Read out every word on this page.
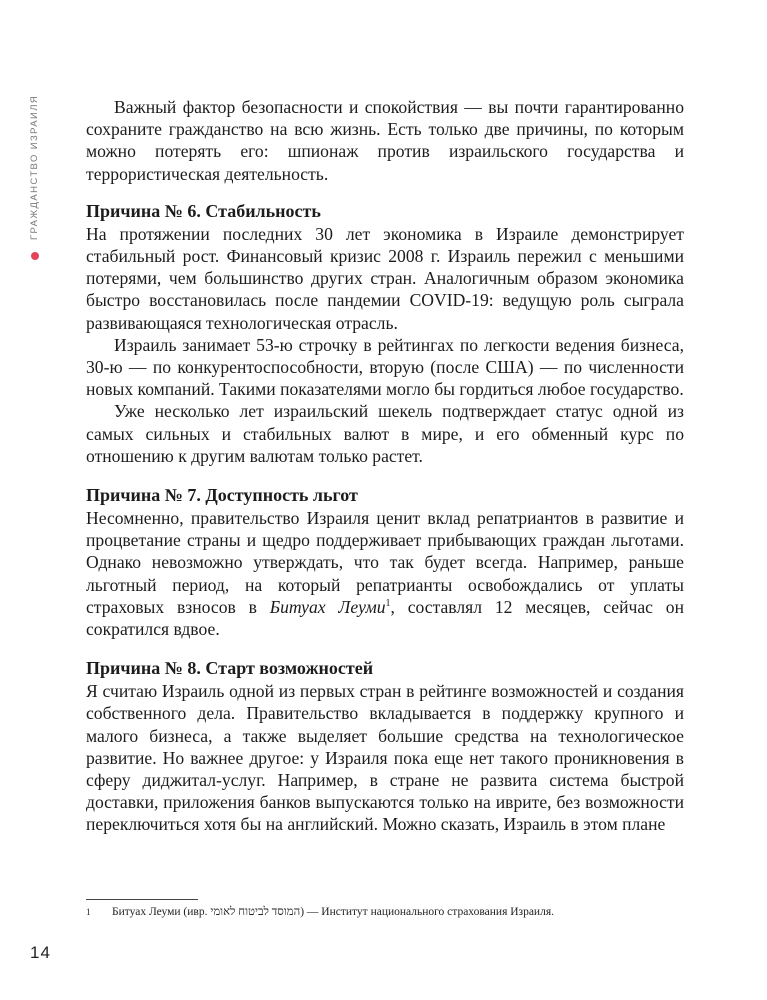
ГРАЖДАНСТВО ИЗРАИЛЯ	Важный фактор безопасности и спокойствия — вы почти гарантированно сохраните гражданство на всю жизнь. Есть только две причины, по которым можно потерять его: шпионаж против израильского государства и террористическая деятельность.

Причина № 6. Стабильность

На протяжении последних 30 лет экономика в Израиле демонстрирует стабильный рост. Финансовый кризис 2008 г. Израиль пережил с меньшими потерями, чем большинство других стран. Аналогичным образом экономика быстро восстановилась после пандемии COVID-19: ведущую роль сыграла развивающаяся технологическая отрасль.

Израиль занимает 53-ю строчку в рейтингах по легкости ведения бизнеса, 30-ю — по конкурентоспособности, вторую (после США) — по численности новых компаний. Такими показателями могло бы гордиться любое государство.

Уже несколько лет израильский шекель подтверждает статус одной из самых сильных и стабильных валют в мире, и его обменный курс по отношению к другим валютам только растет.

Причина № 7. Доступность льгот

Несомненно, правительство Израиля ценит вклад репатриантов в развитие и процветание страны и щедро поддерживает прибывающих граждан льготами. Однако невозможно утверждать, что так будет всегда. Например, раньше льготный период, на который репатрианты освобождались от уплаты страховых взносов в Битуах Леуми$^1$, составлял 12 месяцев, сейчас он сократился вдвое.

Причина № 8. Старт возможностей

Я считаю Израиль одной из первых стран в рейтинге возможностей и создания собственного дела. Правительство вкладывается в поддержку крупного и малого бизнеса, а также выделяет большие средства на технологическое развитие. Но важнее другое: у Израиля пока еще нет такого проникновения в сферу диджитал-услуг. Например, в стране не развита система быстрой доставки, приложения банков выпускаются только на иврите, без возможности переключиться хотя бы на английский. Можно сказать, Израиль в этом плане

1 Битуах Леуми (ивр. המוסד לביטוח לאומי) — Институт национального страхования Израиля.
14
